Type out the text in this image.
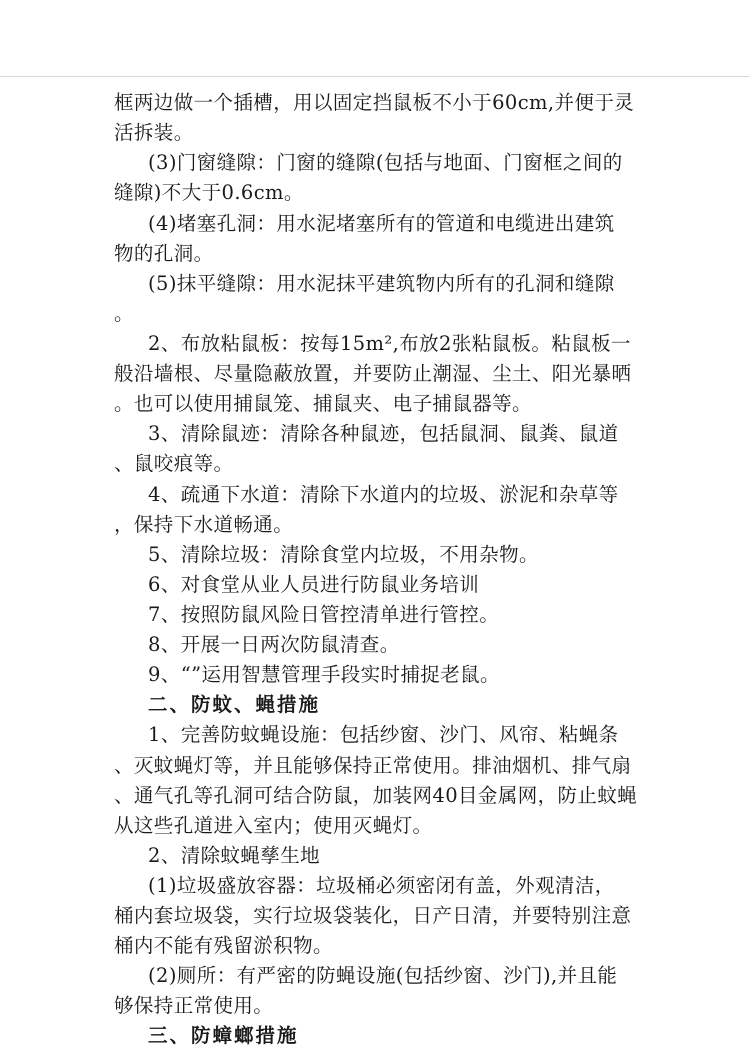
框两边做一个插槽，用以固定挡鼠板不小于60cm,并便于灵
活拆装。
(3)门窗缝隙：门窗的缝隙(包括与地面、门窗框之间的
缝隙)不大于0.6cm。
(4)堵塞孔洞：用水泥堵塞所有的管道和电缆进出建筑
物的孔洞。
(5)抹平缝隙：用水泥抹平建筑物内所有的孔洞和缝隙
。
2、布放粘鼠板：按每15m²,布放2张粘鼠板。粘鼠板一
般沿墙根、尽量隐蔽放置，并要防止潮湿、尘土、阳光暴晒
。也可以使用捕鼠笼、捕鼠夹、电子捕鼠器等。
3、清除鼠迹：清除各种鼠迹，包括鼠洞、鼠粪、鼠道
、鼠咬痕等。
4、疏通下水道：清除下水道内的垃圾、淤泥和杂草等
，保持下水道畅通。
5、清除垃圾：清除食堂内垃圾，不用杂物。
6、对食堂从业人员进行防鼠业务培训
7、按照防鼠风险日管控清单进行管控。
8、开展一日两次防鼠清查。
9、“”运用智慧管理手段实时捕捉老鼠。
二、防蚊、蝇措施
1、完善防蚊蝇设施：包括纱窗、沙门、风帘、粘蝇条
、灭蚊蝇灯等，并且能够保持正常使用。排油烟机、排气扇
、通气孔等孔洞可结合防鼠，加装网40目金属网，防止蚊蝇
从这些孔道进入室内；使用灭蝇灯。
2、清除蚊蝇孳生地
(1)垃圾盛放容器：垃圾桶必须密闭有盖，外观清洁，
桶内套垃圾袋，实行垃圾袋装化，日产日清，并要特别注意
桶内不能有残留淤积物。
(2)厕所：有严密的防蝇设施(包括纱窗、沙门),并且能
够保持正常使用。
三、防蟑螂措施
